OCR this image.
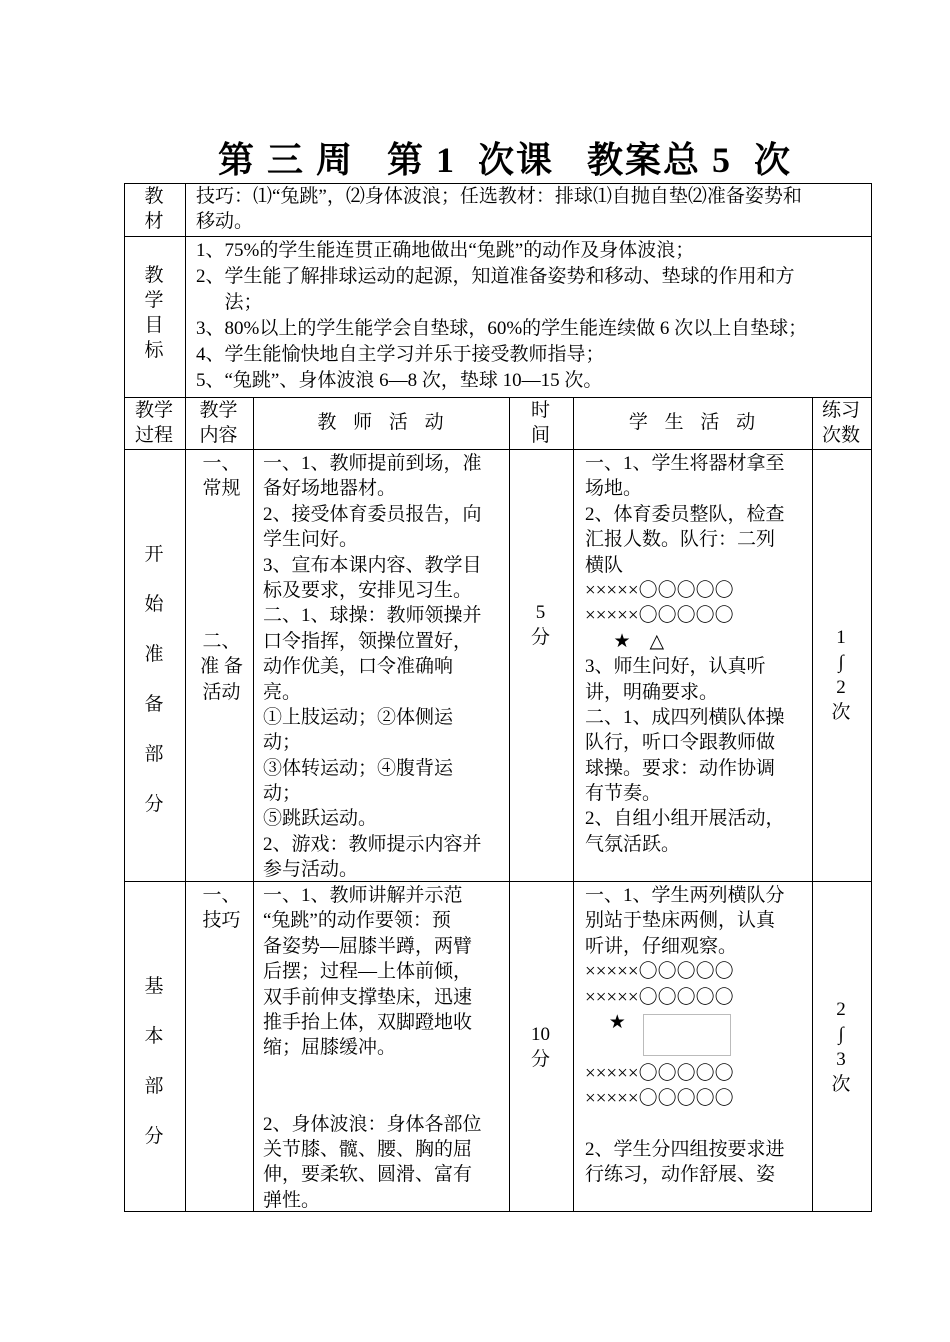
第 三 周   第 1  次课   教案总 5  次
教
材
技巧：⑴“兔跳”，⑵身体波浪；任选教材：排球⑴自抛自垫⑵准备姿势和
移动。
教
学
目
标
1、75%的学生能连贯正确地做出“兔跳”的动作及身体波浪；
2、学生能了解排球运动的起源，知道准备姿势和移动、垫球的作用和方
法；
3、80%以上的学生能学会自垫球，60%的学生能连续做 6 次以上自垫球；
4、学生能愉快地自主学习并乐于接受教师指导；
5、“兔跳”、身体波浪 6—8 次，垫球 10—15 次。
教学
过程
教学
内容
教 师 活 动
时
间
学 生 活 动
练习
次数
开
始
准
备
部
分
一、
常规
二、
准 备
活动
一、1、教师提前到场，准
备好场地器材。
2、接受体育委员报告，向
学生问好。
3、宣布本课内容、教学目
标及要求，安排见习生。
二、1、球操：教师领操并
口令指挥，领操位置好，
动作优美，口令准确响
亮。
①上肢运动；②体侧运
动；
③体转运动；④腹背运
动；
⑤跳跃运动。
2、游戏：教师提示内容并
参与活动。
5
分
一、1、学生将器材拿至
场地。
2、体育委员整队，检查
汇报人数。队行：二列
横队
×××××〇〇〇〇〇
×××××〇〇〇〇〇
★    △
3、师生问好，认真听
讲，明确要求。
二、1、成四列横队体操
队行，听口令跟教师做
球操。要求：动作协调
有节奏。
2、自组小组开展活动，
气氛活跃。
1
∫
2
次
基
本
部
分
一、
技巧
一、1、教师讲解并示范
“兔跳”的动作要领：预
备姿势—屈膝半蹲，两臂
后摆；过程—上体前倾，
双手前伸支撑垫床，迅速
推手抬上体，双脚蹬地收
缩；屈膝缓冲。
2、身体波浪：身体各部位
关节膝、髋、腰、胸的屈
伸，要柔软、圆滑、富有
弹性。
10
分
一、1、学生两列横队分
别站于垫床两侧，认真
听讲，仔细观察。
×××××〇〇〇〇〇
×××××〇〇〇〇〇
★
×××××〇〇〇〇〇
×××××〇〇〇〇〇
2、学生分四组按要求进
行练习，动作舒展、姿
2
∫
3
次
